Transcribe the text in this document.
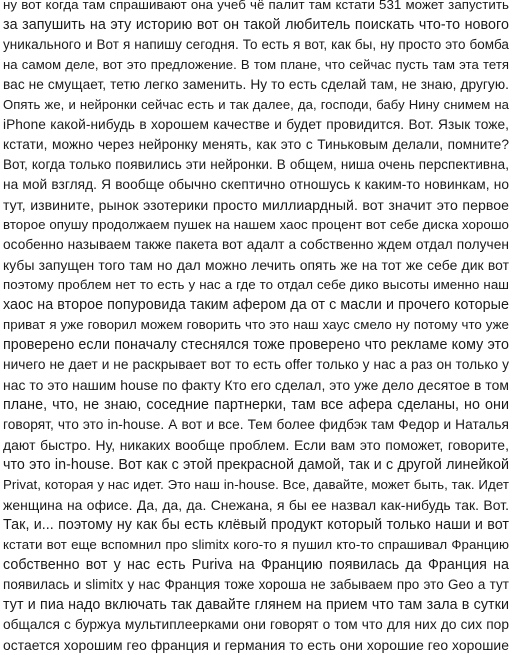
ну вот когда там спрашивают она учеб чё палит там кстати 531 может запустить
за запушить на эту историю вот он такой любитель поискать что-то нового
уникального и Вот я напишу сегодня. То есть я вот, как бы, ну просто это бомба
на самом деле, вот это предложение. В том плане, что сейчас пусть там эта тетя
вас не смущает, тетю легко заменить. Ну то есть сделай там, не знаю, другую.
Опять же, и нейронки сейчас есть и так далее, да, господи, бабу Нину снимем на
iPhone какой-нибудь в хорошем качестве и будет провидится. Вот. Язык тоже,
кстати, можно через нейронку менять, как это с Тиньковым делали, помните?
Вот, когда только появились эти нейронки. В общем, ниша очень перспективна,
на мой взгляд. Я вообще обычно скептично отношусь к каким-то новинкам, но
тут, извините, рынок эзотерики просто миллиардный. вот значит это первое
второе опушу продолжаем пушек на нашем хаос процент вот себе диска хорошо
особенно называем также пакета вот адалт а собственно ждем отдал получен
кубы запущен того там но дал можно лечить опять же на тот же себе дик вот
поэтому проблем нет то есть у нас а где то отдал себе дико высоты именно наш
хаос на второе попуровида таким афером да от с масли и прочего которые
приват я уже говорил можем говорить что это наш хаус смело ну потому что уже
проверено если поначалу стеснялся тоже проверено что рекламе кому это
ничего не дает и не раскрывает вот то есть offer только у нас а раз он только у
нас то это нашим house по факту Кто его сделал, это уже дело десятое в том
плане, что, не знаю, соседние партнерки, там все афера сделаны, но они
говорят, что это in-house. А вот и все. Тем более фидбэк там Федор и Наталья
дают быстро. Ну, никаких вообще проблем. Если вам это поможет, говорите,
что это in-house. Вот как с этой прекрасной дамой, так и с другой линейкой
Privat, которая у нас идет. Это наш in-house. Все, давайте, может быть, так. Идет
женщина на офисе. Да, да, да. Снежана, я бы ее назвал как-нибудь так. Вот.
Так, и... поэтому ну как бы есть клёвый продукт который только наши и вот
кстати вот еще вспомнил про slimitx кого-то я пушил кто-то спрашивал Францию
собственно вот у нас есть Puriva на Францию появилась да Франция на
появилась и slimitx у нас Франция тоже хороша не забываем про это Geo а тут
тут и пиа надо включать так давайте глянем на прием что там зала в сутки
общался с буржуа мультиплеерками они говорят о том что для них до сих пор
остается хорошим гео франция и германия то есть они хорошие гео хорошие
